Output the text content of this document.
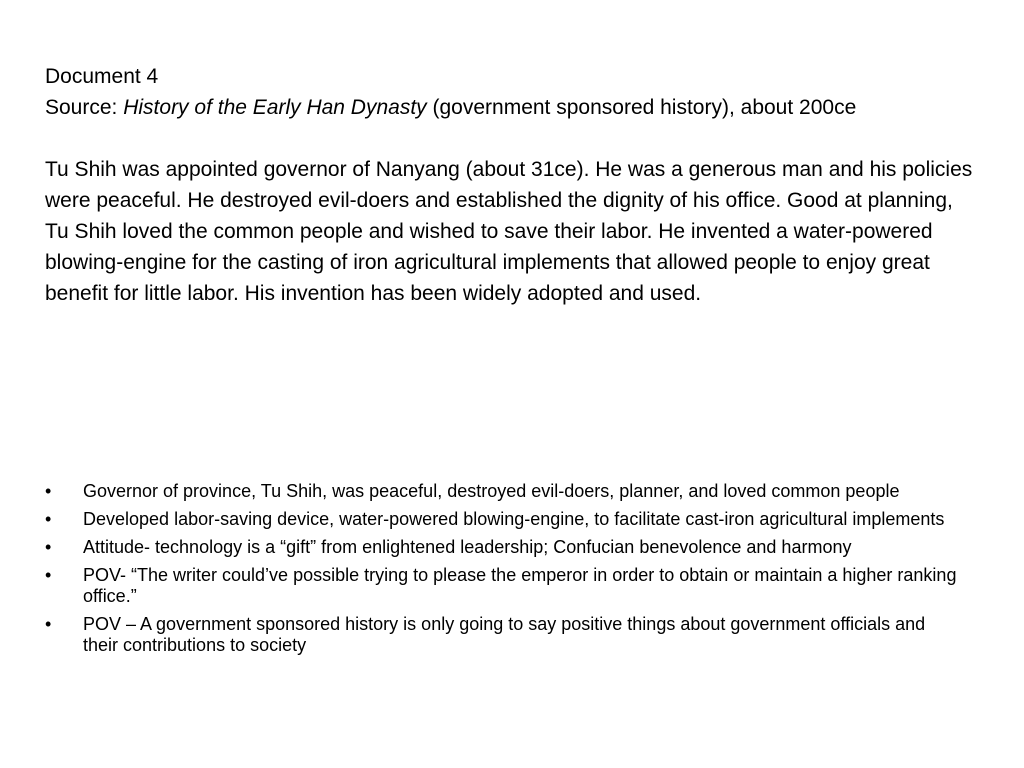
Document 4
Source: History of the Early Han Dynasty (government sponsored history), about 200ce

Tu Shih was appointed governor of Nanyang (about 31ce). He was a generous man and his policies were peaceful. He destroyed evil-doers and established the dignity of his office. Good at planning, Tu Shih loved the common people and wished to save their labor. He invented a water-powered blowing-engine for the casting of iron agricultural implements that allowed people to enjoy great benefit for little labor. His invention has been widely adopted and used.

•	Governor of province, Tu Shih, was peaceful, destroyed evil-doers, planner, and loved common people
•	Developed labor-saving device, water-powered blowing-engine, to facilitate cast-iron agricultural implements
•	Attitude- technology is a “gift” from enlightened leadership; Confucian benevolence and harmony
•	POV- “The writer could’ve possible trying to please the emperor in order to obtain or maintain a higher ranking office.”
•	POV – A government sponsored history is only going to say positive things about government officials and their contributions to society
